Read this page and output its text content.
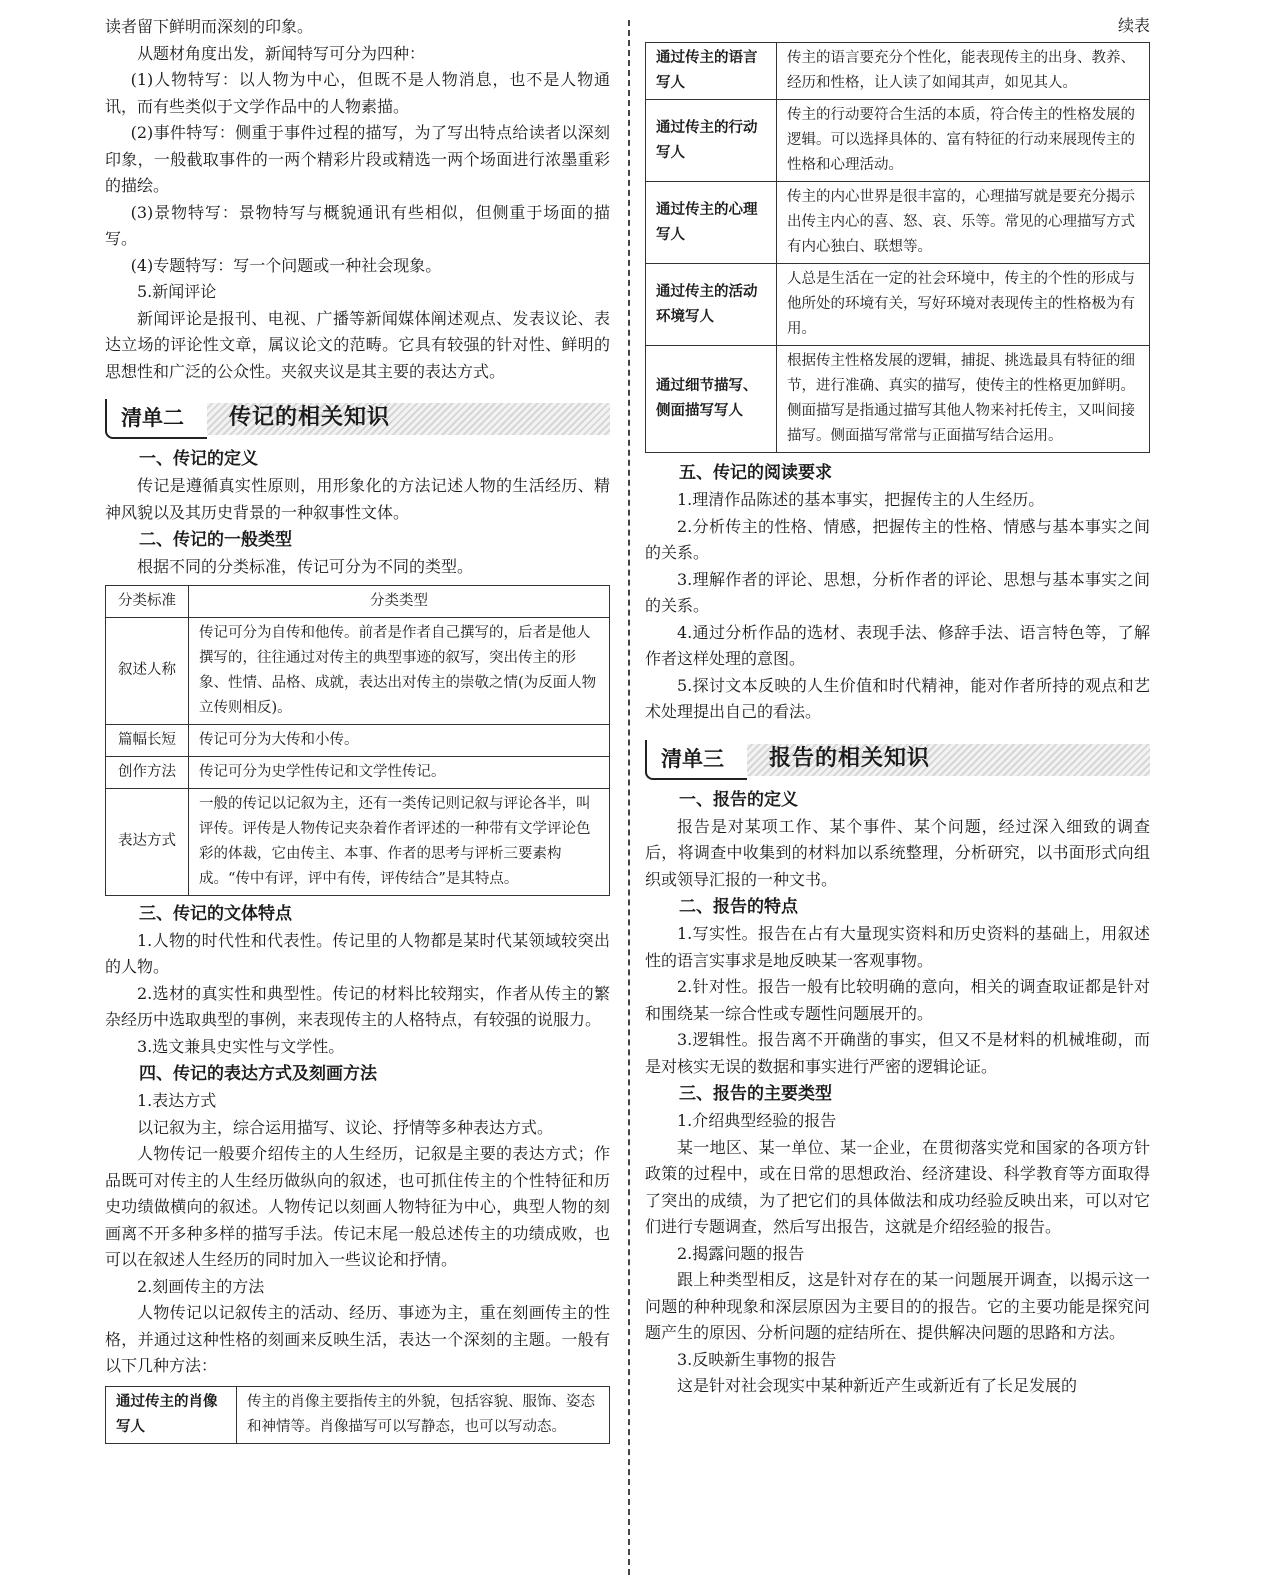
读者留下鲜明而深刻的印象。

从题材角度出发，新闻特写可分为四种：

(1)人物特写：以人物为中心，但既不是人物消息，也不是人物通讯，而有些类似于文学作品中的人物素描。

(2)事件特写：侧重于事件过程的描写，为了写出特点给读者以深刻印象，一般截取事件的一两个精彩片段或精选一两个场面进行浓墨重彩的描绘。

(3)景物特写：景物特写与概貌通讯有些相似，但侧重于场面的描写。

(4)专题特写：写一个问题或一种社会现象。

5.新闻评论

新闻评论是报刊、电视、广播等新闻媒体阐述观点、发表议论、表达立场的评论性文章，属议论文的范畴。它具有较强的针对性、鲜明的思想性和广泛的公众性。夹叙夹议是其主要的表达方式。

清单二	传记的相关知识

一、传记的定义

传记是遵循真实性原则，用形象化的方法记述人物的生活经历、精神风貌以及其历史背景的一种叙事性文体。

二、传记的一般类型

根据不同的分类标准，传记可分为不同的类型。

分类标准	分类类型
叙述人称	传记可分为自传和他传。前者是作者自己撰写的，后者是他人撰写的，往往通过对传主的典型事迹的叙写，突出传主的形象、性情、品格、成就，表达出对传主的崇敬之情(为反面人物立传则相反)。
篇幅长短	传记可分为大传和小传。
创作方法	传记可分为史学性传记和文学性传记。
表达方式	一般的传记以记叙为主，还有一类传记则记叙与评论各半，叫评传。评传是人物传记夹杂着作者评述的一种带有文学评论色彩的体裁，它由传主、本事、作者的思考与评析三要素构成。“传中有评，评中有传，评传结合”是其特点。

三、传记的文体特点

1.人物的时代性和代表性。传记里的人物都是某时代某领域较突出的人物。

2.选材的真实性和典型性。传记的材料比较翔实，作者从传主的繁杂经历中选取典型的事例，来表现传主的人格特点，有较强的说服力。

3.选文兼具史实性与文学性。

四、传记的表达方式及刻画方法

1.表达方式

以记叙为主，综合运用描写、议论、抒情等多种表达方式。

人物传记一般要介绍传主的人生经历，记叙是主要的表达方式；作品既可对传主的人生经历做纵向的叙述，也可抓住传主的个性特征和历史功绩做横向的叙述。人物传记以刻画人物特征为中心，典型人物的刻画离不开多种多样的描写手法。传记末尾一般总述传主的功绩成败，也可以在叙述人生经历的同时加入一些议论和抒情。

2.刻画传主的方法

人物传记以记叙传主的活动、经历、事迹为主，重在刻画传主的性格，并通过这种性格的刻画来反映生活，表达一个深刻的主题。一般有以下几种方法：

通过传主的肖像写人	传主的肖像主要指传主的外貌，包括容貌、服饰、姿态和神情等。肖像描写可以写静态，也可以写动态。
续表
通过传主的语言写人	传主的语言要充分个性化，能表现传主的出身、教养、经历和性格，让人读了如闻其声，如见其人。
通过传主的行动写人	传主的行动要符合生活的本质，符合传主的性格发展的逻辑。可以选择具体的、富有特征的行动来展现传主的性格和心理活动。
通过传主的心理写人	传主的内心世界是很丰富的，心理描写就是要充分揭示出传主内心的喜、怒、哀、乐等。常见的心理描写方式有内心独白、联想等。
通过传主的活动环境写人	人总是生活在一定的社会环境中，传主的个性的形成与他所处的环境有关，写好环境对表现传主的性格极为有用。
通过细节描写、侧面描写写人	根据传主性格发展的逻辑，捕捉、挑选最具有特征的细节，进行准确、真实的描写，使传主的性格更加鲜明。侧面描写是指通过描写其他人物来衬托传主，又叫间接描写。侧面描写常常与正面描写结合运用。

五、传记的阅读要求

1.理清作品陈述的基本事实，把握传主的人生经历。

2.分析传主的性格、情感，把握传主的性格、情感与基本事实之间的关系。

3.理解作者的评论、思想，分析作者的评论、思想与基本事实之间的关系。

4.通过分析作品的选材、表现手法、修辞手法、语言特色等，了解作者这样处理的意图。

5.探讨文本反映的人生价值和时代精神，能对作者所持的观点和艺术处理提出自己的看法。

清单三	报告的相关知识

一、报告的定义

报告是对某项工作、某个事件、某个问题，经过深入细致的调查后，将调查中收集到的材料加以系统整理，分析研究，以书面形式向组织或领导汇报的一种文书。

二、报告的特点

1.写实性。报告在占有大量现实资料和历史资料的基础上，用叙述性的语言实事求是地反映某一客观事物。

2.针对性。报告一般有比较明确的意向，相关的调查取证都是针对和围绕某一综合性或专题性问题展开的。

3.逻辑性。报告离不开确凿的事实，但又不是材料的机械堆砌，而是对核实无误的数据和事实进行严密的逻辑论证。

三、报告的主要类型

1.介绍典型经验的报告

某一地区、某一单位、某一企业，在贯彻落实党和国家的各项方针政策的过程中，或在日常的思想政治、经济建设、科学教育等方面取得了突出的成绩，为了把它们的具体做法和成功经验反映出来，可以对它们进行专题调查，然后写出报告，这就是介绍经验的报告。

2.揭露问题的报告

跟上种类型相反，这是针对存在的某一问题展开调查，以揭示这一问题的种种现象和深层原因为主要目的的报告。它的主要功能是探究问题产生的原因、分析问题的症结所在、提供解决问题的思路和方法。

3.反映新生事物的报告

这是针对社会现实中某种新近产生或新近有了长足发展的
